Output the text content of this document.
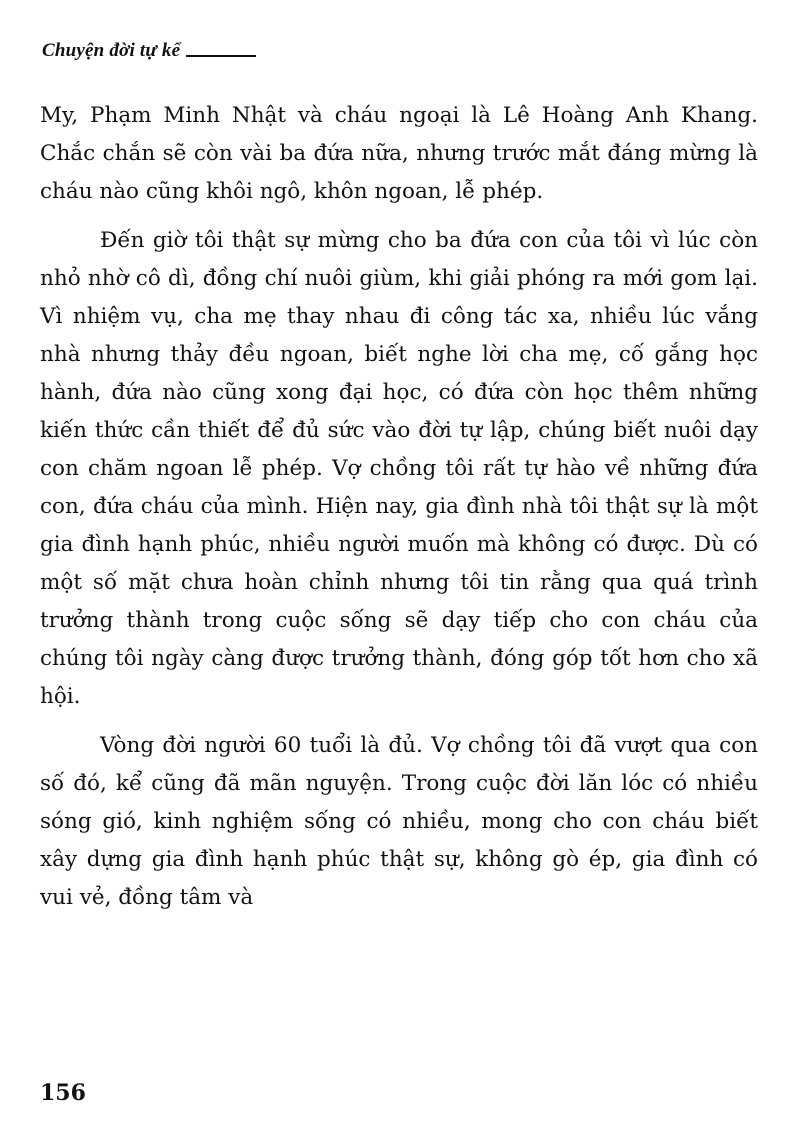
Chuyện đời tự kể

My, Phạm Minh Nhật và cháu ngoại là Lê Hoàng Anh Khang. Chắc chắn sẽ còn vài ba đứa nữa, nhưng trước mắt đáng mừng là cháu nào cũng khôi ngô, khôn ngoan, lễ phép.

Đến giờ tôi thật sự mừng cho ba đứa con của tôi vì lúc còn nhỏ nhờ cô dì, đồng chí nuôi giùm, khi giải phóng ra mới gom lại. Vì nhiệm vụ, cha mẹ thay nhau đi công tác xa, nhiều lúc vắng nhà nhưng thảy đều ngoan, biết nghe lời cha mẹ, cố gắng học hành, đứa nào cũng xong đại học, có đứa còn học thêm những kiến thức cần thiết để đủ sức vào đời tự lập, chúng biết nuôi dạy con chăm ngoan lễ phép. Vợ chồng tôi rất tự hào về những đứa con, đứa cháu của mình. Hiện nay, gia đình nhà tôi thật sự là một gia đình hạnh phúc, nhiều người muốn mà không có được. Dù có một số mặt chưa hoàn chỉnh nhưng tôi tin rằng qua quá trình trưởng thành trong cuộc sống sẽ dạy tiếp cho con cháu của chúng tôi ngày càng được trưởng thành, đóng góp tốt hơn cho xã hội.

Vòng đời người 60 tuổi là đủ. Vợ chồng tôi đã vượt qua con số đó, kể cũng đã mãn nguyện. Trong cuộc đời lăn lóc có nhiều sóng gió, kinh nghiệm sống có nhiều, mong cho con cháu biết xây dựng gia đình hạnh phúc thật sự, không gò ép, gia đình có vui vẻ, đồng tâm và

156
